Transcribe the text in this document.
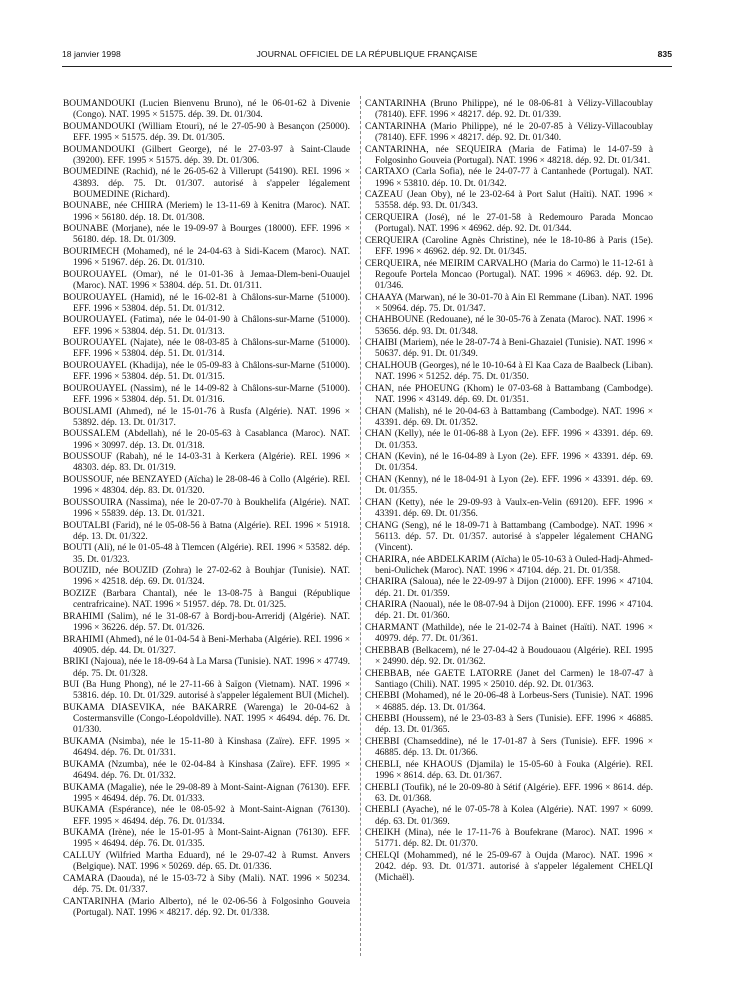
18 janvier 1998	JOURNAL OFFICIEL DE LA RÉPUBLIQUE FRANÇAISE	835

BOUMANDOUKI (Lucien Bienvenu Bruno), né le 06-01-62 à Divenie (Congo). NAT. 1995 × 51575. dép. 39. Dt. 01/304.

BOUMANDOUKI (William Etouri), né le 27-05-90 à Besançon (25000). EFF. 1995 × 51575. dép. 39. Dt. 01/305.

BOUMANDOUKI (Gilbert George), né le 27-03-97 à Saint-Claude (39200). EFF. 1995 × 51575. dép. 39. Dt. 01/306.

BOUMEDINE (Rachid), né le 26-05-62 à Villerupt (54190). REI. 1996 × 43893. dép. 75. Dt. 01/307. autorisé à s'appeler légalement BOUMEDINE (Richard).

BOUNABE, née CHIIRA (Meriem) le 13-11-69 à Kenitra (Maroc). NAT. 1996 × 56180. dép. 18. Dt. 01/308.

BOUNABE (Morjane), née le 19-09-97 à Bourges (18000). EFF. 1996 × 56180. dép. 18. Dt. 01/309.

BOURIMECH (Mohamed), né le 24-04-63 à Sidi-Kacem (Maroc). NAT. 1996 × 51967. dép. 26. Dt. 01/310.

BOUROUAYEL (Omar), né le 01-01-36 à Jemaa-Dlem-beni-Ouaujel (Maroc). NAT. 1996 × 53804. dép. 51. Dt. 01/311.

BOUROUAYEL (Hamid), né le 16-02-81 à Châlons-sur-Marne (51000). EFF. 1996 × 53804. dép. 51. Dt. 01/312.

BOUROUAYEL (Fatima), née le 04-01-90 à Châlons-sur-Marne (51000). EFF. 1996 × 53804. dép. 51. Dt. 01/313.

BOUROUAYEL (Najate), née le 08-03-85 à Châlons-sur-Marne (51000). EFF. 1996 × 53804. dép. 51. Dt. 01/314.

BOUROUAYEL (Khadija), née le 05-09-83 à Châlons-sur-Marne (51000). EFF. 1996 × 53804. dép. 51. Dt. 01/315.

BOUROUAYEL (Nassim), né le 14-09-82 à Châlons-sur-Marne (51000). EFF. 1996 × 53804. dép. 51. Dt. 01/316.

BOUSLAMI (Ahmed), né le 15-01-76 à Rusfa (Algérie). NAT. 1996 × 53892. dép. 13. Dt. 01/317.

BOUSSALEM (Abdellah), né le 20-05-63 à Casablanca (Maroc). NAT. 1996 × 30997. dép. 13. Dt. 01/318.

BOUSSOUF (Rabah), né le 14-03-31 à Kerkera (Algérie). REI. 1996 × 48303. dép. 83. Dt. 01/319.

BOUSSOUF, née BENZAYED (Aïcha) le 28-08-46 à Collo (Algérie). REI. 1996 × 48304. dép. 83. Dt. 01/320.

BOUSSOUIRA (Nassima), née le 20-07-70 à Boukhelifa (Algérie). NAT. 1996 × 55839. dép. 13. Dt. 01/321.

BOUTALBI (Farid), né le 05-08-56 à Batna (Algérie). REI. 1996 × 51918. dép. 13. Dt. 01/322.

BOUTI (Ali), né le 01-05-48 à Tlemcen (Algérie). REI. 1996 × 53582. dép. 35. Dt. 01/323.

BOUZID, née BOUZID (Zohra) le 27-02-62 à Bouhjar (Tunisie). NAT. 1996 × 42518. dép. 69. Dt. 01/324.

BOZIZE (Barbara Chantal), née le 13-08-75 à Bangui (République centrafricaine). NAT. 1996 × 51957. dép. 78. Dt. 01/325.

BRAHIMI (Salim), né le 31-08-67 à Bordj-bou-Arreridj (Algérie). NAT. 1996 × 36226. dép. 57. Dt. 01/326.

BRAHIMI (Ahmed), né le 01-04-54 à Beni-Merhaba (Algérie). REI. 1996 × 40905. dép. 44. Dt. 01/327.

BRIKI (Najoua), née le 18-09-64 à La Marsa (Tunisie). NAT. 1996 × 47749. dép. 75. Dt. 01/328.

BUI (Ba Hung Phong), né le 27-11-66 à Saïgon (Vietnam). NAT. 1996 × 53816. dép. 10. Dt. 01/329. autorisé à s'appeler légalement BUI (Michel).

BUKAMA DIASEVIKA, née BAKARRE (Warenga) le 20-04-62 à Costermansville (Congo-Léopoldville). NAT. 1995 × 46494. dép. 76. Dt. 01/330.

BUKAMA (Nsimba), née le 15-11-80 à Kinshasa (Zaïre). EFF. 1995 × 46494. dép. 76. Dt. 01/331.

BUKAMA (Nzumba), née le 02-04-84 à Kinshasa (Zaïre). EFF. 1995 × 46494. dép. 76. Dt. 01/332.

BUKAMA (Magalie), née le 29-08-89 à Mont-Saint-Aignan (76130). EFF. 1995 × 46494. dép. 76. Dt. 01/333.

BUKAMA (Espérance), née le 08-05-92 à Mont-Saint-Aignan (76130). EFF. 1995 × 46494. dép. 76. Dt. 01/334.

BUKAMA (Irène), née le 15-01-95 à Mont-Saint-Aignan (76130). EFF. 1995 × 46494. dép. 76. Dt. 01/335.

CALLUY (Wilfried Martha Eduard), né le 29-07-42 à Rumst. Anvers (Belgique). NAT. 1996 × 50269. dép. 65. Dt. 01/336.

CAMARA (Daouda), né le 15-03-72 à Siby (Mali). NAT. 1996 × 50234. dép. 75. Dt. 01/337.

CANTARINHA (Mario Alberto), né le 02-06-56 à Folgosinho Gouveia (Portugal). NAT. 1996 × 48217. dép. 92. Dt. 01/338.

CANTARINHA (Bruno Philippe), né le 08-06-81 à Vélizy-Villacoublay (78140). EFF. 1996 × 48217. dép. 92. Dt. 01/339.

CANTARINHA (Mario Philippe), né le 20-07-85 à Vélizy-Villacoublay (78140). EFF. 1996 × 48217. dép. 92. Dt. 01/340.

CANTARINHA, née SEQUEIRA (Maria de Fatima) le 14-07-59 à Folgosinho Gouveia (Portugal). NAT. 1996 × 48218. dép. 92. Dt. 01/341.

CARTAXO (Carla Sofia), née le 24-07-77 à Cantanhede (Portugal). NAT. 1996 × 53810. dép. 10. Dt. 01/342.

CAZEAU (Jean Oby), né le 23-02-64 à Port Salut (Haïti). NAT. 1996 × 53558. dép. 93. Dt. 01/343.

CERQUEIRA (José), né le 27-01-58 à Redemouro Parada Moncao (Portugal). NAT. 1996 × 46962. dép. 92. Dt. 01/344.

CERQUEIRA (Caroline Agnès Christine), née le 18-10-86 à Paris (15e). EFF. 1996 × 46962. dép. 92. Dt. 01/345.

CERQUEIRA, née MEIRIM CARVALHO (Maria do Carmo) le 11-12-61 à Regoufe Portela Moncao (Portugal). NAT. 1996 × 46963. dép. 92. Dt. 01/346.

CHAAYA (Marwan), né le 30-01-70 à Ain El Remmane (Liban). NAT. 1996 × 50964. dép. 75. Dt. 01/347.

CHAHBOUNE (Redouane), né le 30-05-76 à Zenata (Maroc). NAT. 1996 × 53656. dép. 93. Dt. 01/348.

CHAIBI (Mariem), née le 28-07-74 à Beni-Ghazaiel (Tunisie). NAT. 1996 × 50637. dép. 91. Dt. 01/349.

CHALHOUB (Georges), né le 10-10-64 à El Kaa Caza de Baalbeck (Liban). NAT. 1996 × 51252. dép. 75. Dt. 01/350.

CHAN, née PHOEUNG (Khom) le 07-03-68 à Battambang (Cambodge). NAT. 1996 × 43149. dép. 69. Dt. 01/351.

CHAN (Malish), né le 20-04-63 à Battambang (Cambodge). NAT. 1996 × 43391. dép. 69. Dt. 01/352.

CHAN (Kelly), née le 01-06-88 à Lyon (2e). EFF. 1996 × 43391. dép. 69. Dt. 01/353.

CHAN (Kevin), né le 16-04-89 à Lyon (2e). EFF. 1996 × 43391. dép. 69. Dt. 01/354.

CHAN (Kenny), né le 18-04-91 à Lyon (2e). EFF. 1996 × 43391. dép. 69. Dt. 01/355.

CHAN (Ketty), née le 29-09-93 à Vaulx-en-Velin (69120). EFF. 1996 × 43391. dép. 69. Dt. 01/356.

CHANG (Seng), né le 18-09-71 à Battambang (Cambodge). NAT. 1996 × 56113. dép. 57. Dt. 01/357. autorisé à s'appeler légalement CHANG (Vincent).

CHARIRA, née ABDELKARIM (Aïcha) le 05-10-63 à Ouled-Hadj-Ahmed-beni-Oulichek (Maroc). NAT. 1996 × 47104. dép. 21. Dt. 01/358.

CHARIRA (Saloua), née le 22-09-97 à Dijon (21000). EFF. 1996 × 47104. dép. 21. Dt. 01/359.

CHARIRA (Naoual), née le 08-07-94 à Dijon (21000). EFF. 1996 × 47104. dép. 21. Dt. 01/360.

CHARMANT (Mathilde), née le 21-02-74 à Bainet (Haïti). NAT. 1996 × 40979. dép. 77. Dt. 01/361.

CHEBBAB (Belkacem), né le 27-04-42 à Boudouaou (Algérie). REI. 1995 × 24990. dép. 92. Dt. 01/362.

CHEBBAB, née GAETE LATORRE (Janet del Carmen) le 18-07-47 à Santiago (Chili). NAT. 1995 × 25010. dép. 92. Dt. 01/363.

CHEBBI (Mohamed), né le 20-06-48 à Lorbeus-Sers (Tunisie). NAT. 1996 × 46885. dép. 13. Dt. 01/364.

CHEBBI (Houssem), né le 23-03-83 à Sers (Tunisie). EFF. 1996 × 46885. dép. 13. Dt. 01/365.

CHEBBI (Chamseddine), né le 17-01-87 à Sers (Tunisie). EFF. 1996 × 46885. dép. 13. Dt. 01/366.

CHEBLI, née KHAOUS (Djamila) le 15-05-60 à Fouka (Algérie). REI. 1996 × 8614. dép. 63. Dt. 01/367.

CHEBLI (Toufik), né le 20-09-80 à Sétif (Algérie). EFF. 1996 × 8614. dép. 63. Dt. 01/368.

CHEBLI (Ayache), né le 07-05-78 à Kolea (Algérie). NAT. 1997 × 6099. dép. 63. Dt. 01/369.

CHEIKH (Mina), née le 17-11-76 à Boufekrane (Maroc). NAT. 1996 × 51771. dép. 82. Dt. 01/370.

CHELQI (Mohammed), né le 25-09-67 à Oujda (Maroc). NAT. 1996 × 2042. dép. 93. Dt. 01/371. autorisé à s'appeler légalement CHELQI (Michaël).
